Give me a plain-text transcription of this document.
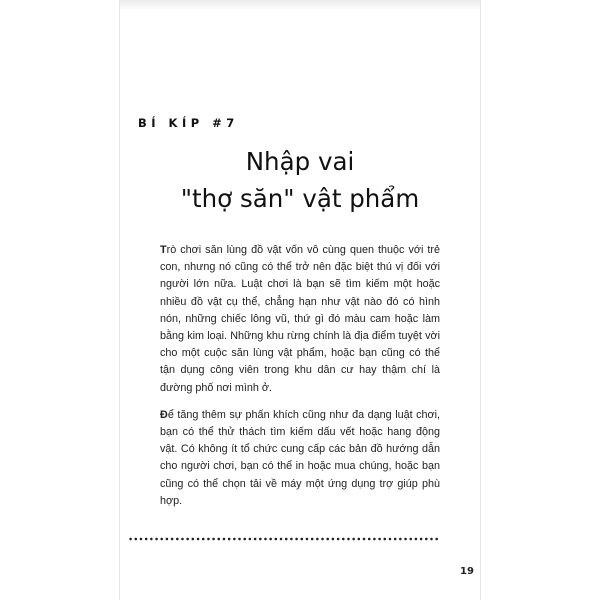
BÍ KÍP #7
Nhập vai
"thợ săn" vật phẩm

Trò chơi săn lùng đồ vật vốn vô cùng quen thuộc với trẻ con, nhưng nó cũng có thể trở nên đặc biệt thú vị đối với người lớn nữa. Luật chơi là bạn sẽ tìm kiếm một hoặc nhiều đồ vật cụ thể, chẳng hạn như vật nào đó có hình nón, những chiếc lông vũ, thứ gì đó màu cam hoặc làm bằng kim loại. Những khu rừng chính là địa điểm tuyệt vời cho một cuộc săn lùng vật phẩm, hoặc bạn cũng có thể tận dụng công viên trong khu dân cư hay thậm chí là đường phố nơi mình ở.

Để tăng thêm sự phấn khích cũng như đa dạng luật chơi, bạn có thể thử thách tìm kiếm dấu vết hoặc hang động vật. Có không ít tổ chức cung cấp các bản đồ hướng dẫn cho người chơi, bạn có thể in hoặc mua chúng, hoặc bạn cũng có thể chọn tải về máy một ứng dụng trợ giúp phù hợp.

19
